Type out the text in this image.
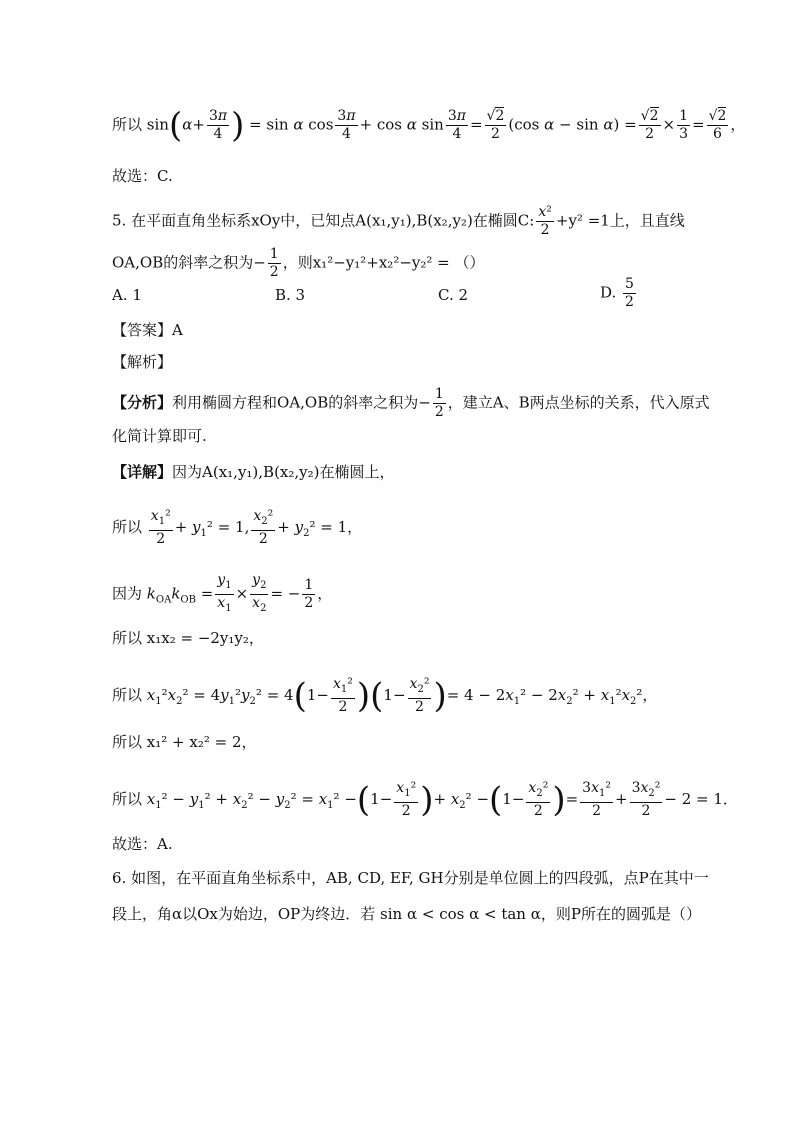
所以 $\sin(\alpha+ \frac{3\pi}{4}$ ) = sin α $\cos \frac{3\pi}{4} + \cos \alpha$ $\sin \frac{3\pi}{4} = \frac{√2}{2} (\cos$ $\alpha - \sin \alpha) = \frac{√2}{2} \times \frac{1}{3} = \frac{√2}{6}$ ，
故选：C.
5. 在平面直角坐标系xOy中，已知点A(x₁,y₁),B(x₂,y₂)在椭圆C: $\frac{\text{x²}}{2} +y^2 =1$上，且直线
OA,OB的斜率之积为− $\frac{1}{2}$ ，则x₁²−y₁²+x₂²−y₂² = （）
A. 1	B. 3	C. 2	D. $\frac{5}{2}$
【答案】A
【解析】
【分析】利用椭圆方程和OA,OB的斜率之积为− $\frac{1}{2}$ ，建立A、B两点坐标的关系，代入原式
化简计算即可.
【详解】因为A(x₁,y₁),B(x₂,y₂)在椭圆上，
所以 $\frac{x_1^2}{2} + y_1^2 = 1$, $\frac{x_2^2}{2} + y_2^2 = 1$，
因为 $k_{OA}k_{OB} = \frac{y_1}{x_1} \times \frac{y_2}{x_2}$ = − $\frac{1}{2}$ ，
所以 x₁x₂ = −2y₁y₂，
所以 $x_1^2x_2^2 = 4y_1^2y_2^2 = 4(1- \frac{x_1^2}{2} )(1- \frac{x_2^2}{2}$ )= $4 - 2x_1^2 - 2x_2^2 + x_1^2x_2^2$，
所以 x₁² + x₂² = 2，
所以 $x_1^2 - y_1^2 + x_2^2 - y_2^2 = x_1^2 -(1- \frac{x_1^2}{2}$ )+ $x_2^2 -(1- \frac{x_2^2}{2}$ )= $\frac{3x_1^2}{2} + \frac{3x_2^2}{2} - 2 = 1$．
故选：A.
6. 如图，在平面直角坐标系中，AB, CD, EF, GH分别是单位圆上的四段弧，点P在其中一
段上，角α以Ox为始边，OP为终边．若 sin α < cos α < tan α，则P所在的圆弧是（）
